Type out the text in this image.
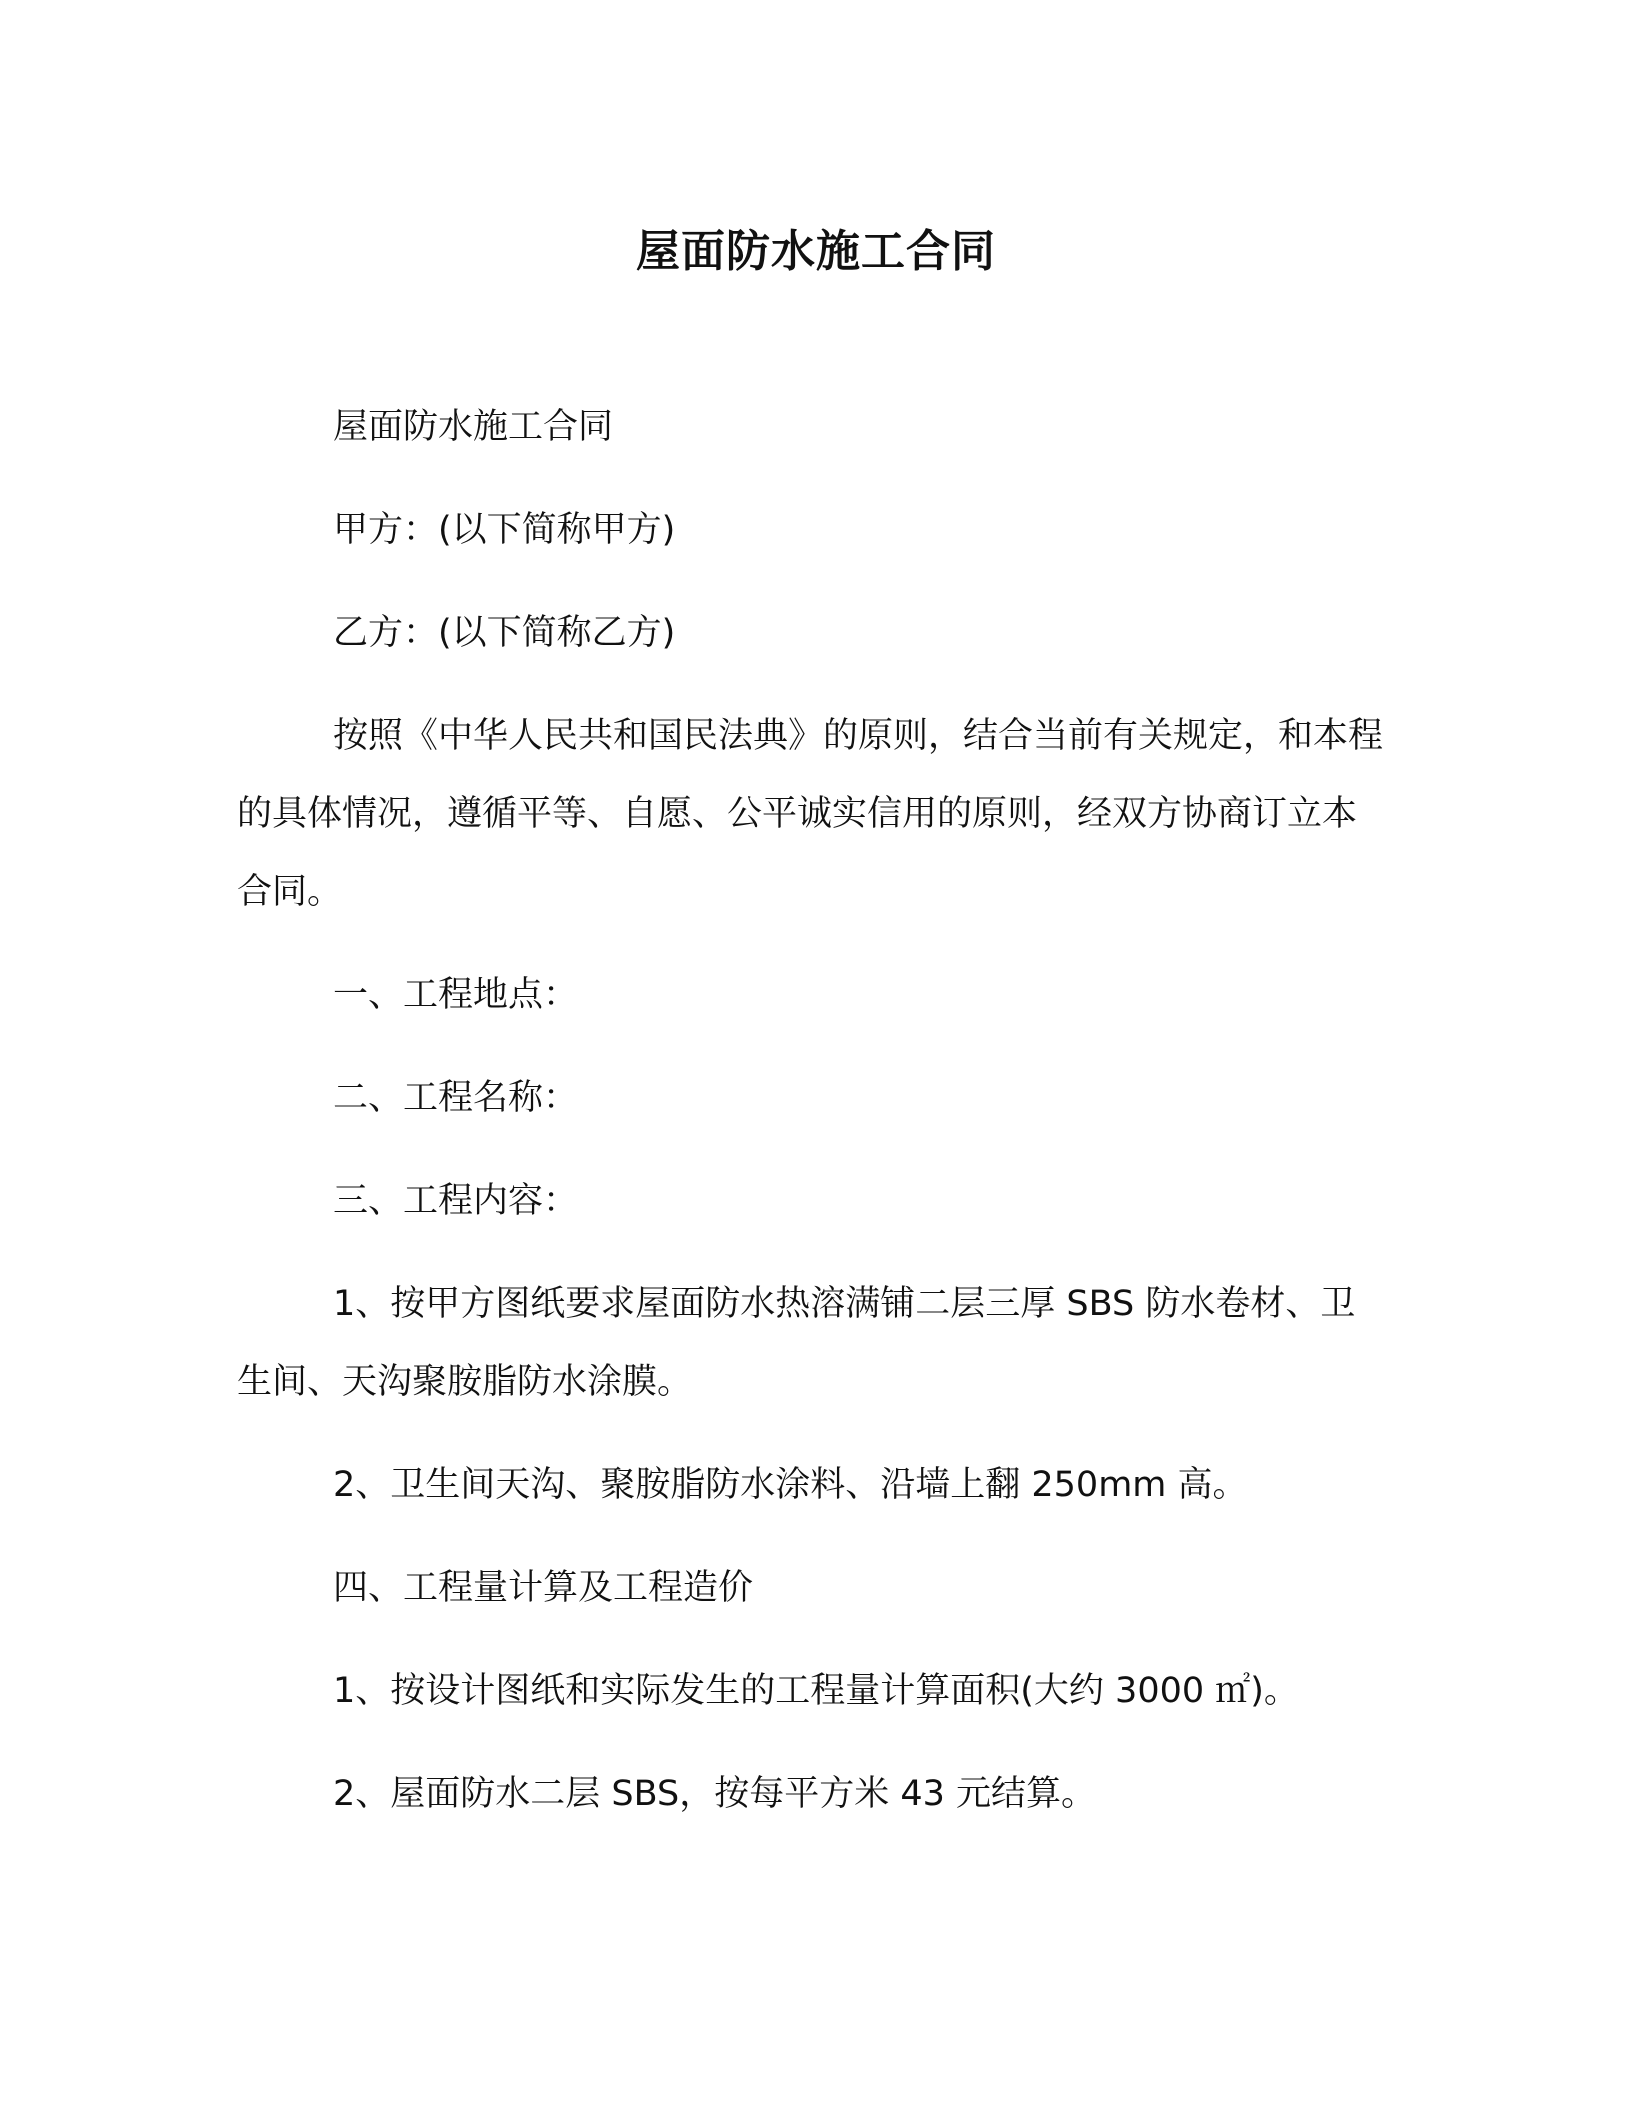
屋面防水施工合同

屋面防水施工合同

甲方：(以下简称甲方)

乙方：(以下简称乙方)

按照《中华人民共和国民法典》的原则，结合当前有关规定，和本程的具体情况，遵循平等、自愿、公平诚实信用的原则，经双方协商订立本合同。

一、工程地点：

二、工程名称：

三、工程内容：

1、按甲方图纸要求屋面防水热溶满铺二层三厚 SBS 防水卷材、卫生间、天沟聚胺脂防水涂膜。

2、卫生间天沟、聚胺脂防水涂料、沿墙上翻 250mm 高。

四、工程量计算及工程造价

1、按设计图纸和实际发生的工程量计算面积(大约 3000 ㎡)。

2、屋面防水二层 SBS，按每平方米 43 元结算。
